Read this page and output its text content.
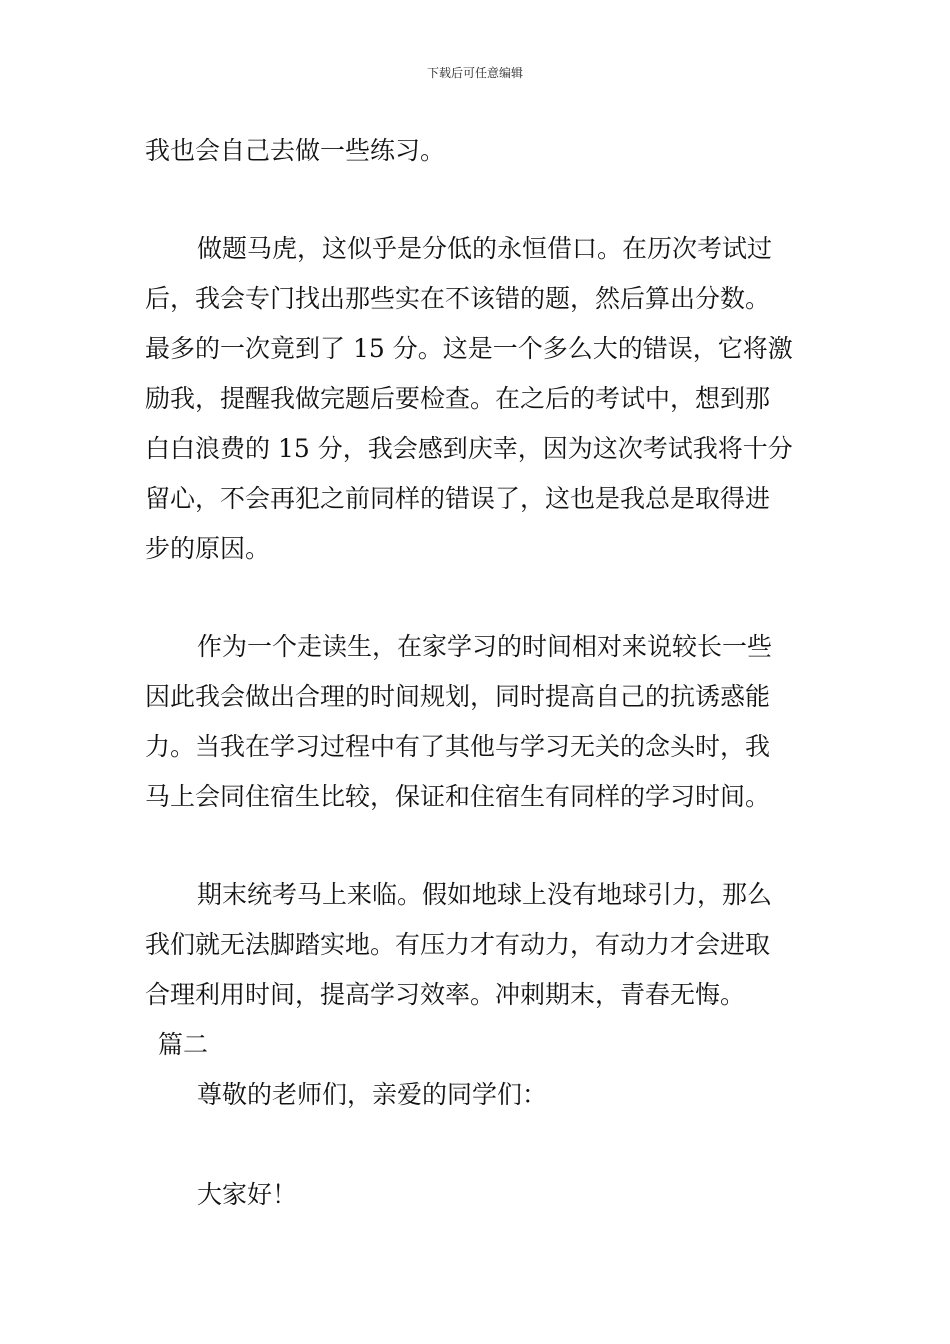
下载后可任意编辑
我也会自己去做一些练习。
做题马虎，这似乎是分低的永恒借口。在历次考试过
后，我会专门找出那些实在不该错的题，然后算出分数。
最多的一次竟到了 15 分。这是一个多么大的错误，它将激
励我，提醒我做完题后要检查。在之后的考试中，想到那
白白浪费的 15 分，我会感到庆幸，因为这次考试我将十分
留心，不会再犯之前同样的错误了，这也是我总是取得进
步的原因。
作为一个走读生，在家学习的时间相对来说较长一些
因此我会做出合理的时间规划，同时提高自己的抗诱惑能
力。当我在学习过程中有了其他与学习无关的念头时，我
马上会同住宿生比较，保证和住宿生有同样的学习时间。
期末统考马上来临。假如地球上没有地球引力，那么
我们就无法脚踏实地。有压力才有动力，有动力才会进取
合理利用时间，提高学习效率。冲刺期末，青春无悔。
篇二
尊敬的老师们，亲爱的同学们：
大家好！
